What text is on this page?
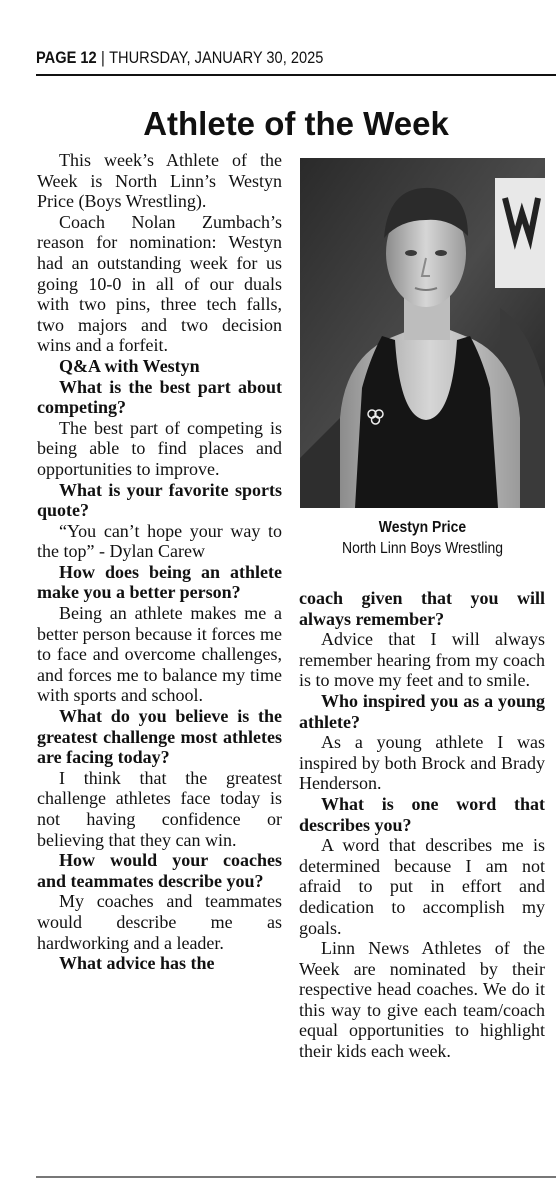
PAGE 12 | THURSDAY, JANUARY 30, 2025
Athlete of the Week

This week’s Athlete of the Week is North Linn’s Westyn Price (Boys Wrestling).

Coach Nolan Zumbach’s reason for nomination: Westyn had an outstanding week for us going 10-0 in all of our duals with two pins, three tech falls, two majors and two decision wins and a forfeit.

Q&A with Westyn

What is the best part about competing?

The best part of competing is being able to find places and opportunities to improve.

What is your favorite sports quote?

“You can’t hope your way to the top” - Dylan Carew

How does being an athlete make you a better person?

Being an athlete makes me a better person because it forces me to face and overcome challenges, and forces me to balance my time with sports and school.

What do you believe is the greatest challenge most athletes are facing today?

I think that the greatest challenge athletes face today is not having confidence or believing that they can win.

How would your coaches and teammates describe you?

My coaches and teammates would describe me as hardworking and a leader.

What advice has the

Westyn Price
North Linn Boys Wrestling

coach given that you will always remember?

Advice that I will always remember hearing from my coach is to move my feet and to smile.

Who inspired you as a young athlete?

As a young athlete I was inspired by both Brock and Brady Henderson.

What is one word that describes you?

A word that describes me is determined because I am not afraid to put in effort and dedication to accomplish my goals.

Linn News Athletes of the Week are nominated by their respective head coaches. We do it this way to give each team/coach equal opportunities to highlight their kids each week.
